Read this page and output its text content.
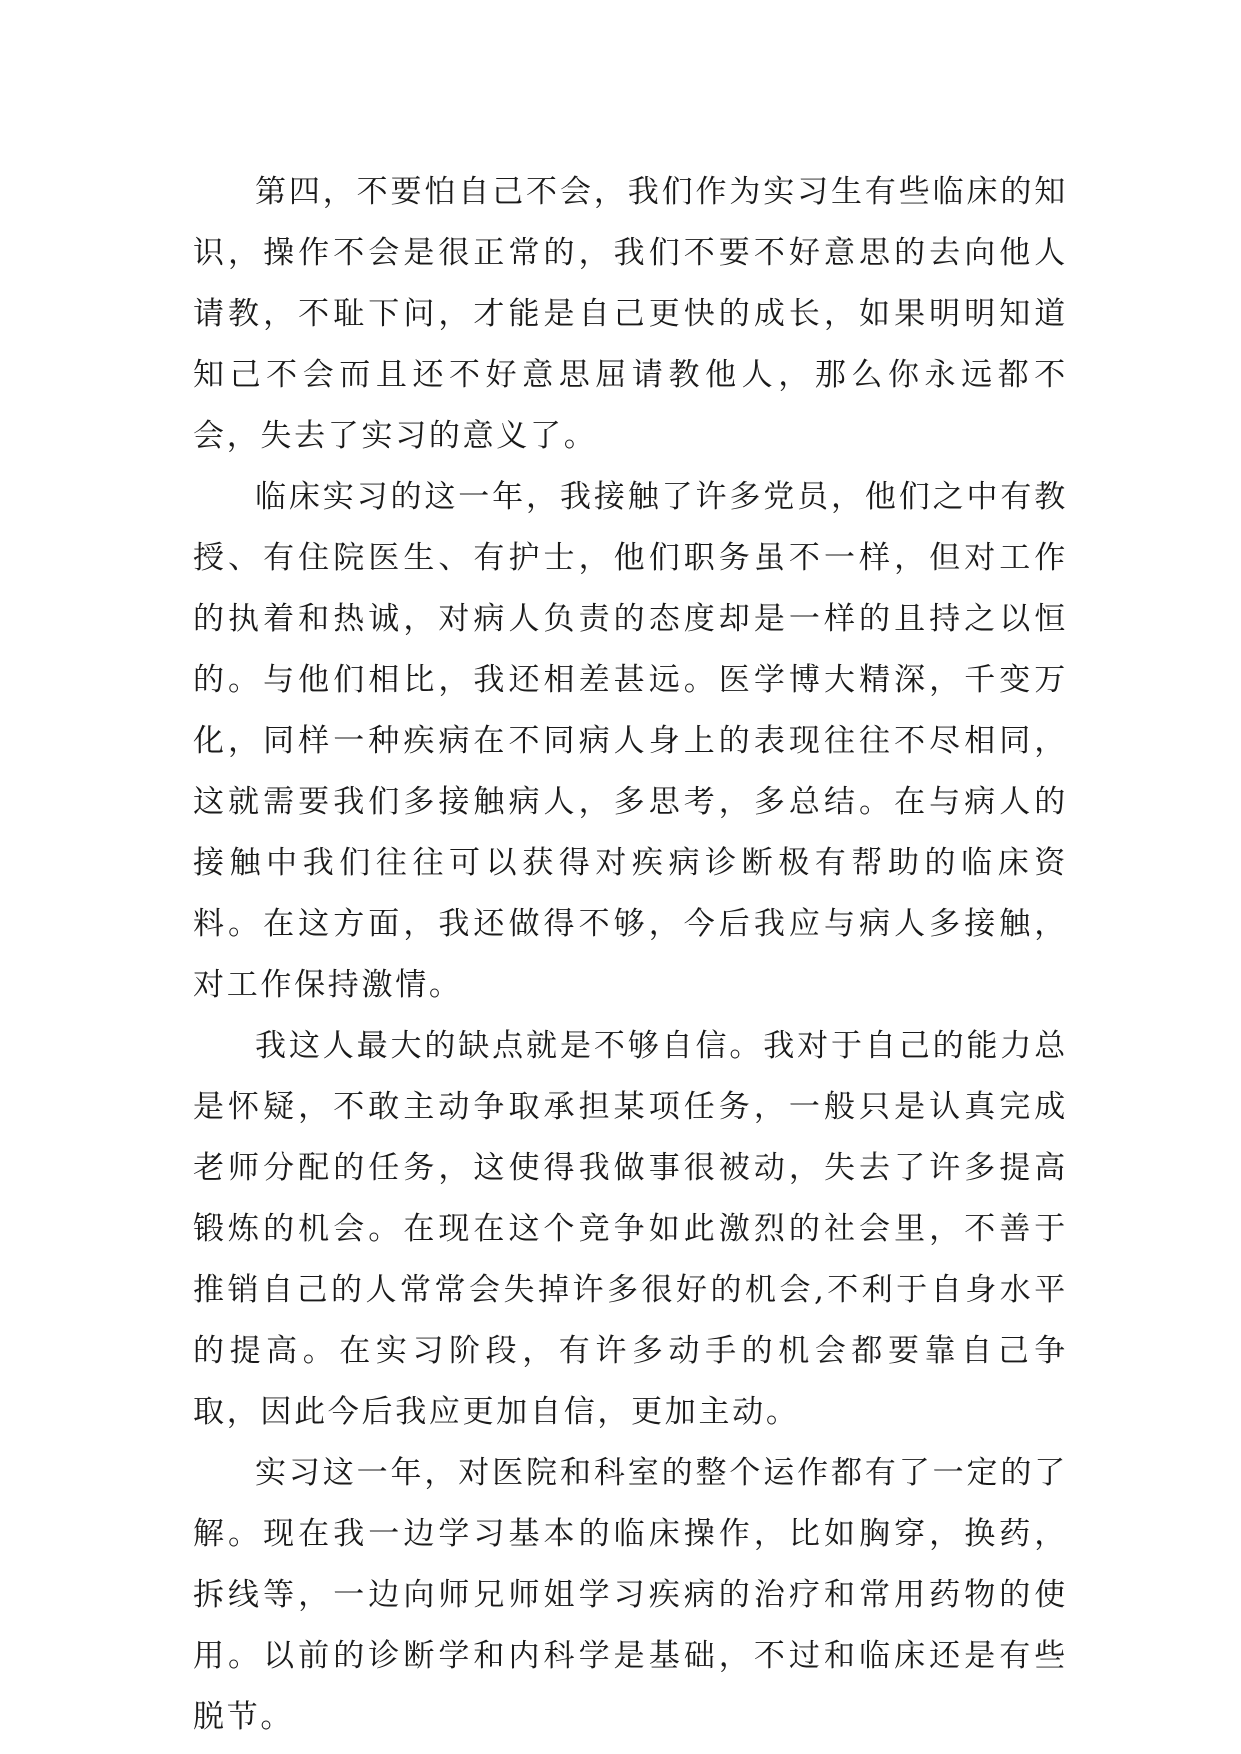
第四，不要怕自己不会，我们作为实习生有些临床的知识，操作不会是很正常的，我们不要不好意思的去向他人请教，不耻下问，才能是自己更快的成长，如果明明知道知己不会而且还不好意思屈请教他人，那么你永远都不会，失去了实习的意义了。

临床实习的这一年，我接触了许多党员，他们之中有教授、有住院医生、有护士，他们职务虽不一样，但对工作的执着和热诚，对病人负责的态度却是一样的且持之以恒的。与他们相比，我还相差甚远。医学博大精深，千变万化，同样一种疾病在不同病人身上的表现往往不尽相同，这就需要我们多接触病人，多思考，多总结。在与病人的接触中我们往往可以获得对疾病诊断极有帮助的临床资料。在这方面，我还做得不够，今后我应与病人多接触，对工作保持激情。

我这人最大的缺点就是不够自信。我对于自己的能力总是怀疑，不敢主动争取承担某项任务，一般只是认真完成老师分配的任务，这使得我做事很被动，失去了许多提高锻炼的机会。在现在这个竞争如此激烈的社会里，不善于推销自己的人常常会失掉许多很好的机会,不利于自身水平的提高。在实习阶段，有许多动手的机会都要靠自己争取，因此今后我应更加自信，更加主动。

实习这一年，对医院和科室的整个运作都有了一定的了解。现在我一边学习基本的临床操作，比如胸穿，换药，拆线等，一边向师兄师姐学习疾病的治疗和常用药物的使用。以前的诊断学和内科学是基础，不过和临床还是有些脱节。
